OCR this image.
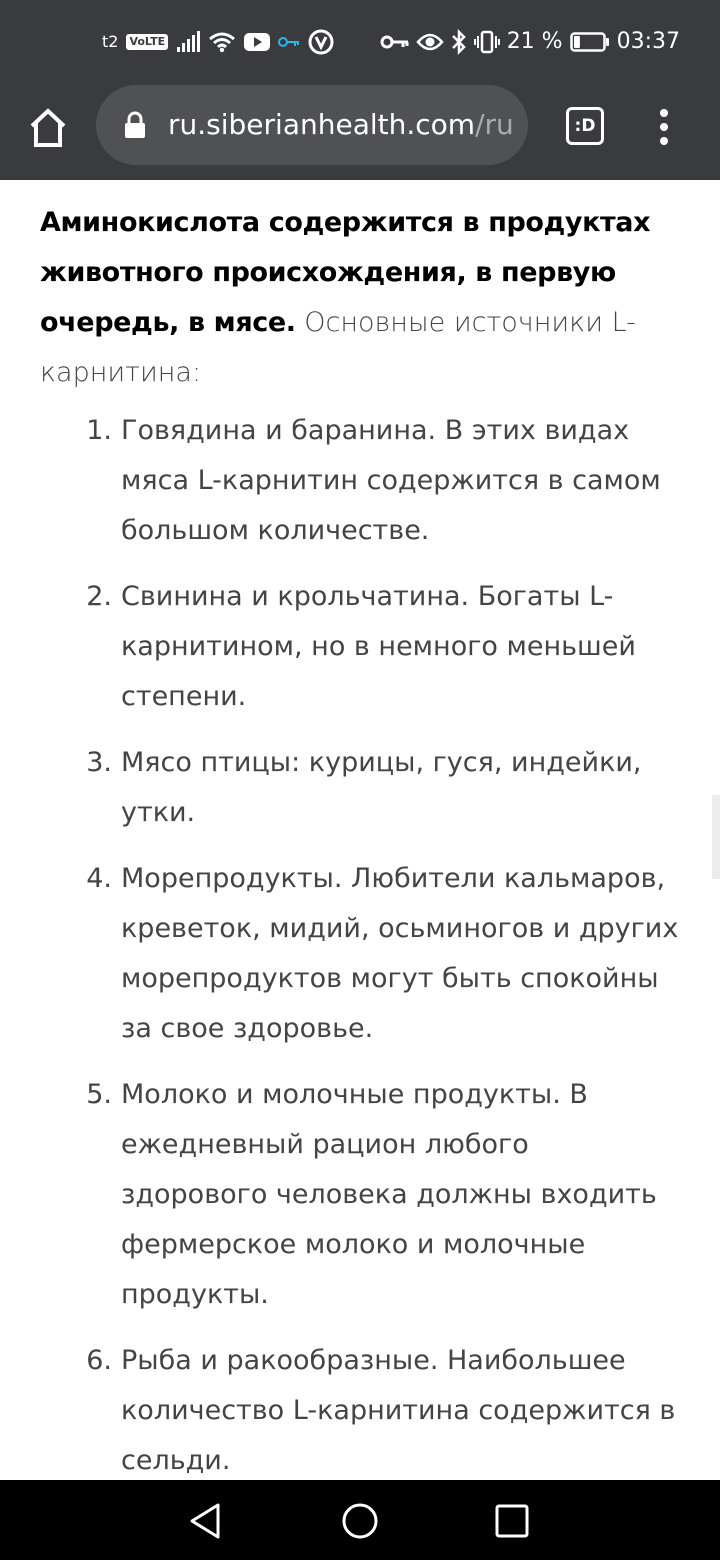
t2 VoLTE	21 % 03:37
ru.siberianhealth.com/ru	:D

Аминокислота содержится в продуктах животного происхождения, в первую очередь, в мясе. Основные источники L-карнитина:

1. Говядина и баранина. В этих видах мяса L-карнитин содержится в самом большом количестве.
2. Свинина и крольчатина. Богаты L-карнитином, но в немного меньшей степени.
3. Мясо птицы: курицы, гуся, индейки, утки.
4. Морепродукты. Любители кальмаров, креветок, мидий, осьминогов и других морепродуктов могут быть спокойны за свое здоровье.
5. Молоко и молочные продукты. В ежедневный рацион любого здорового человека должны входить фермерское молоко и молочные продукты.
6. Рыба и ракообразные. Наибольшее количество L-карнитина содержится в сельди.
